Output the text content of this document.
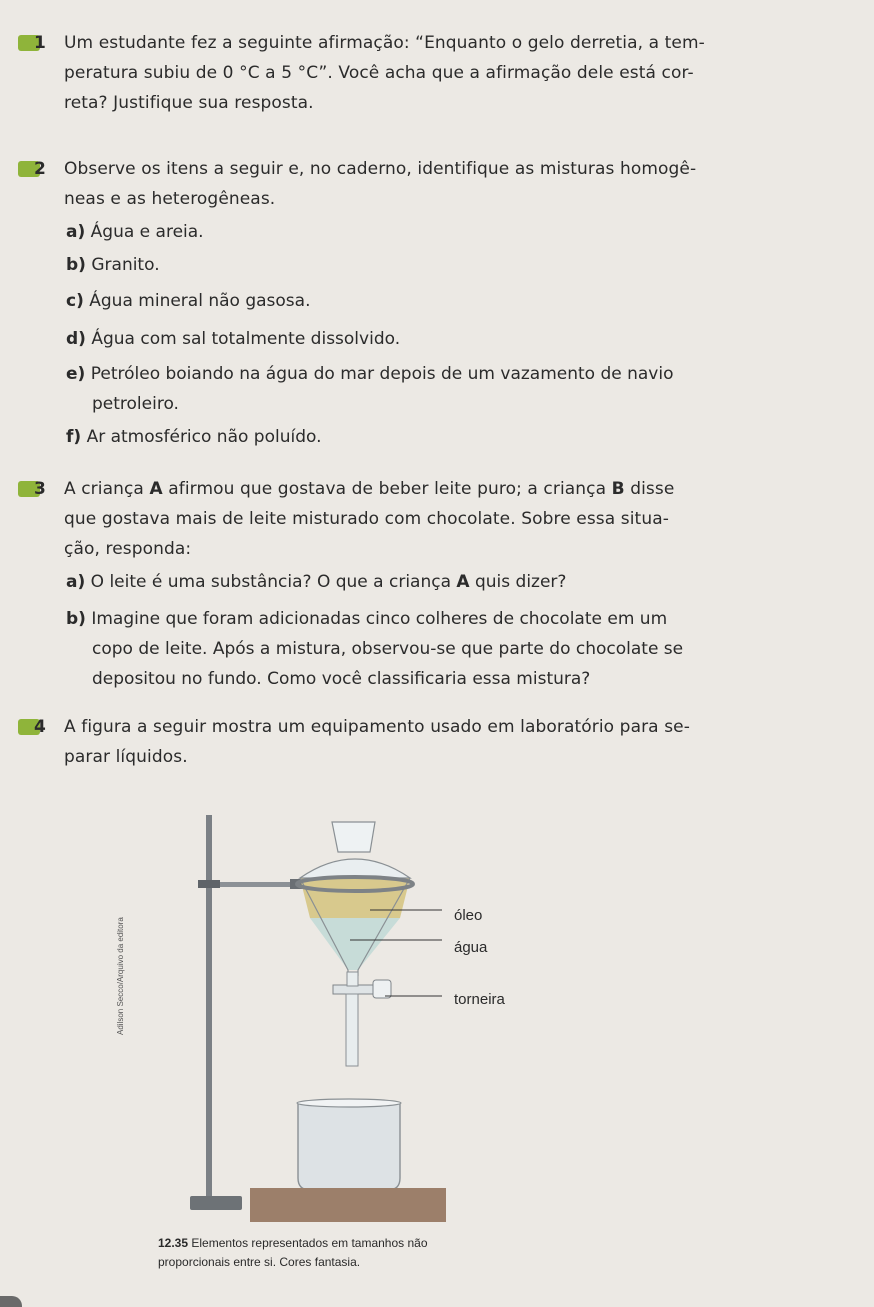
1 Um estudante fez a seguinte afirmação: “Enquanto o gelo derretia, a tem-
peratura subiu de 0 °C a 5 °C”. Você acha que a afirmação dele está cor-
reta? Justifique sua resposta.
2 Observe os itens a seguir e, no caderno, identifique as misturas homogê-
neas e as heterogêneas.
a) Água e areia.
b) Granito.
c) Água mineral não gasosa.
d) Água com sal totalmente dissolvido.
e) Petróleo boiando na água do mar depois de um vazamento de navio
petroleiro.
f) Ar atmosférico não poluído.
3 A criança A afirmou que gostava de beber leite puro; a criança B disse
que gostava mais de leite misturado com chocolate. Sobre essa situa-
ção, responda:
a) O leite é uma substância? O que a criança A quis dizer?
b) Imagine que foram adicionadas cinco colheres de chocolate em um
copo de leite. Após a mistura, observou-se que parte do chocolate se
depositou no fundo. Como você classificaria essa mistura?
4 A figura a seguir mostra um equipamento usado em laboratório para se-
parar líquidos.
óleo
água
torneira
Adilson Secco/Arquivo da editora
12.35 Elementos representados em tamanhos não
proporcionais entre si. Cores fantasia.
